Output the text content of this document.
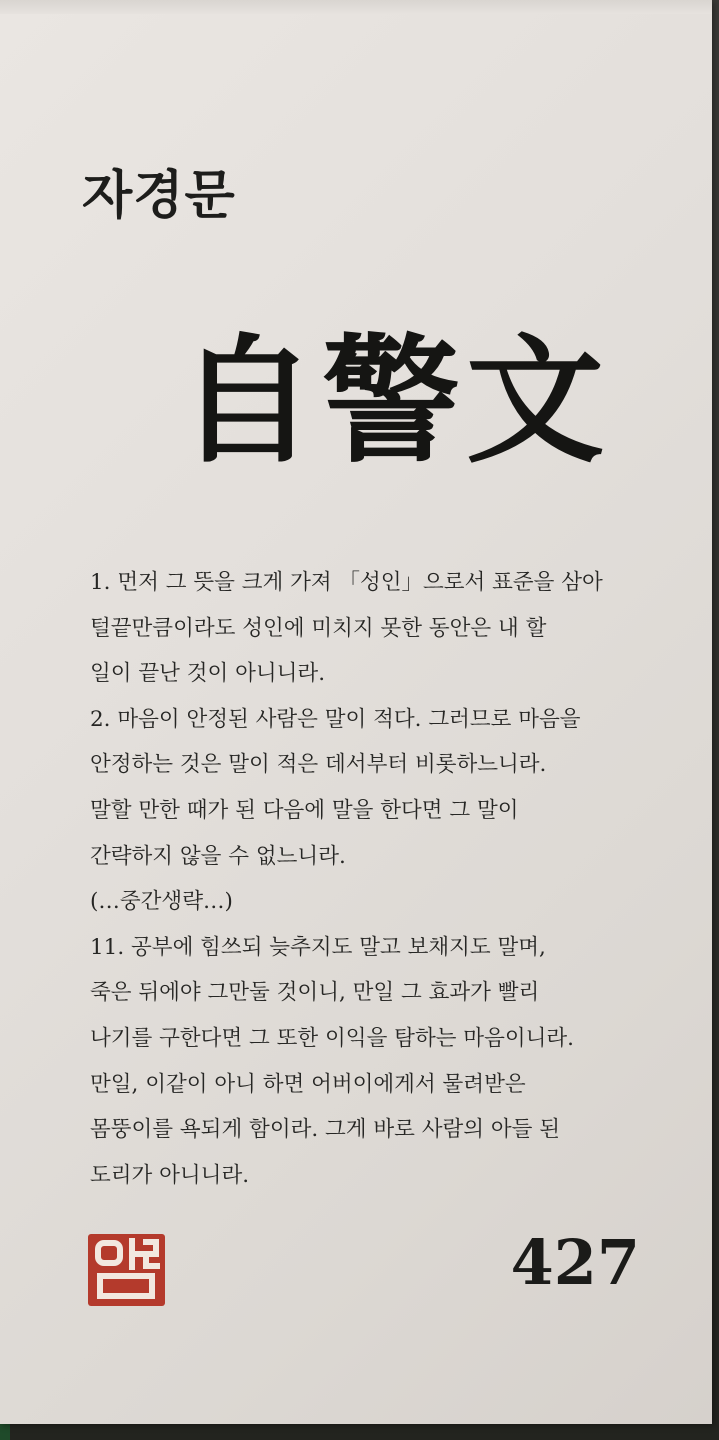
자경문
自警文
1. 먼저 그 뜻을 크게 가져 「성인」으로서 표준을 삼아
털끝만큼이라도 성인에 미치지 못한 동안은 내 할
일이 끝난 것이 아니니라.
2. 마음이 안정된 사람은 말이 적다. 그러므로 마음을
안정하는 것은 말이 적은 데서부터 비롯하느니라.
말할 만한 때가 된 다음에 말을 한다면 그 말이
간략하지 않을 수 없느니라.
(…중간생략…)
11. 공부에 힘쓰되 늦추지도 말고 보채지도 말며,
죽은 뒤에야 그만둘 것이니, 만일 그 효과가 빨리
나기를 구한다면 그 또한 이익을 탐하는 마음이니라.
만일, 이같이 아니 하면 어버이에게서 물려받은
몸뚱이를 욕되게 함이라. 그게 바로 사람의 아들 된
도리가 아니니라.
427
